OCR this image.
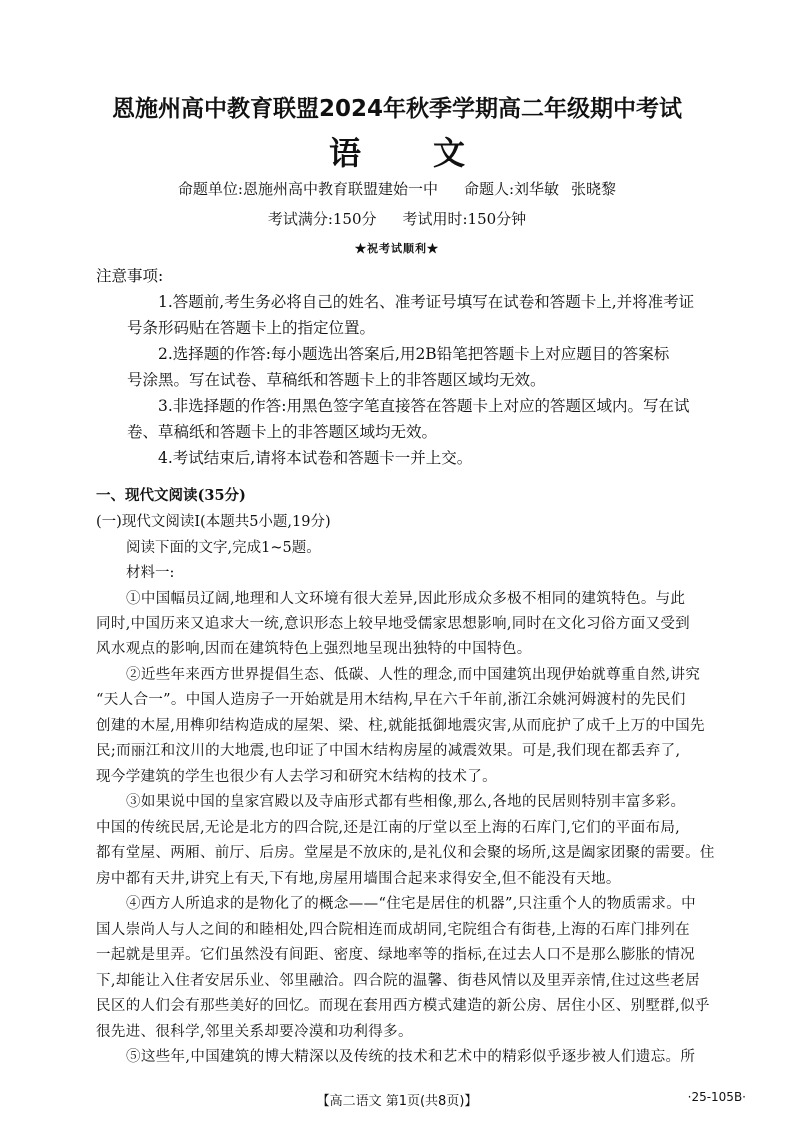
恩施州高中教育联盟2024年秋季学期高二年级期中考试
语 文
命题单位:恩施州高中教育联盟建始一中 命题人:刘华敏 张晓黎
考试满分:150分 考试用时:150分钟
★祝考试顺利★
注意事项:
1.答题前,考生务必将自己的姓名、准考证号填写在试卷和答题卡上,并将准考证
号条形码贴在答题卡上的指定位置。
2.选择题的作答:每小题选出答案后,用2B铅笔把答题卡上对应题目的答案标
号涂黑。写在试卷、草稿纸和答题卡上的非答题区域均无效。
3.非选择题的作答:用黑色签字笔直接答在答题卡上对应的答题区域内。写在试
卷、草稿纸和答题卡上的非答题区域均无效。
4.考试结束后,请将本试卷和答题卡一并上交。
一、现代文阅读(35分)
(一)现代文阅读Ⅰ(本题共5小题,19分)
阅读下面的文字,完成1~5题。
材料一:
①中国幅员辽阔,地理和人文环境有很大差异,因此形成众多极不相同的建筑特色。与此
同时,中国历来又追求大一统,意识形态上较早地受儒家思想影响,同时在文化习俗方面又受到
风水观点的影响,因而在建筑特色上强烈地呈现出独特的中国特色。
②近些年来西方世界提倡生态、低碳、人性的理念,而中国建筑出现伊始就尊重自然,讲究
“天人合一”。中国人造房子一开始就是用木结构,早在六千年前,浙江余姚河姆渡村的先民们
创建的木屋,用榫卯结构造成的屋架、梁、柱,就能抵御地震灾害,从而庇护了成千上万的中国先
民;而丽江和汶川的大地震,也印证了中国木结构房屋的减震效果。可是,我们现在都丢弃了,
现今学建筑的学生也很少有人去学习和研究木结构的技术了。
③如果说中国的皇家宫殿以及寺庙形式都有些相像,那么,各地的民居则特别丰富多彩。
中国的传统民居,无论是北方的四合院,还是江南的厅堂以至上海的石库门,它们的平面布局,
都有堂屋、两厢、前厅、后房。堂屋是不放床的,是礼仪和会聚的场所,这是阖家团聚的需要。住
房中都有天井,讲究上有天,下有地,房屋用墙围合起来求得安全,但不能没有天地。
④西方人所追求的是物化了的概念——“住宅是居住的机器”,只注重个人的物质需求。中
国人崇尚人与人之间的和睦相处,四合院相连而成胡同,宅院组合有街巷,上海的石库门排列在
一起就是里弄。它们虽然没有间距、密度、绿地率等的指标,在过去人口不是那么膨胀的情况
下,却能让入住者安居乐业、邻里融洽。四合院的温馨、街巷风情以及里弄亲情,住过这些老居
民区的人们会有那些美好的回忆。而现在套用西方模式建造的新公房、居住小区、别墅群,似乎
很先进、很科学,邻里关系却要冷漠和功利得多。
⑤这些年,中国建筑的博大精深以及传统的技术和艺术中的精彩似乎逐步被人们遗忘。所
【高二语文 第1页(共8页)】	·25-105B·
